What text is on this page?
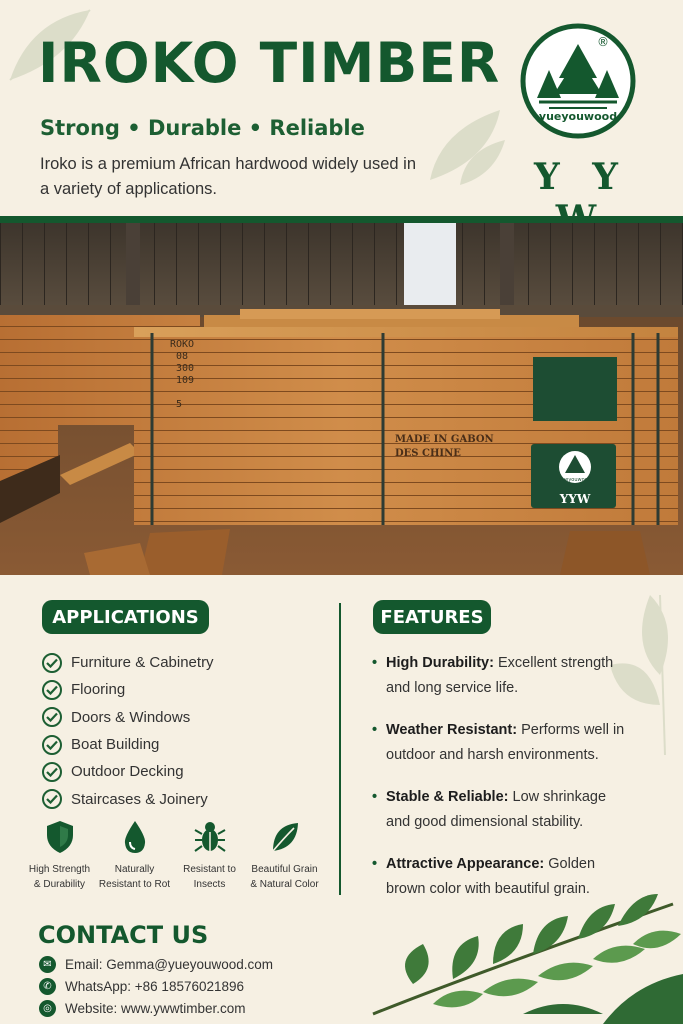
IROKO TIMBER
Strong • Durable • Reliable
Iroko is a premium African hardwood widely used in a variety of applications.
yueyouwood
®
Y Y
ROKO
08
300
109
5
MADE IN GABON
DES CHINE
yueyouwood
YYW
APPLICATIONS
Furniture & Cabinetry
Flooring
Doors & Windows
Boat Building
Outdoor Decking
Staircases & Joinery
High Strength
& Durability
Naturally
Resistant to Rot
Resistant to
Insects
Beautiful Grain
& Natural Color
FEATURES
• High Durability: Excellent strength and long service life.
• Weather Resistant: Performs well in outdoor and harsh environments.
• Stable & Reliable: Low shrinkage and good dimensional stability.
• Attractive Appearance: Golden brown color with beautiful grain.
CONTACT US
✉ Email: Gemma@yueyouwood.com
✆ WhatsApp: +86 18576021896
◎ Website: www.ywwtimber.com
